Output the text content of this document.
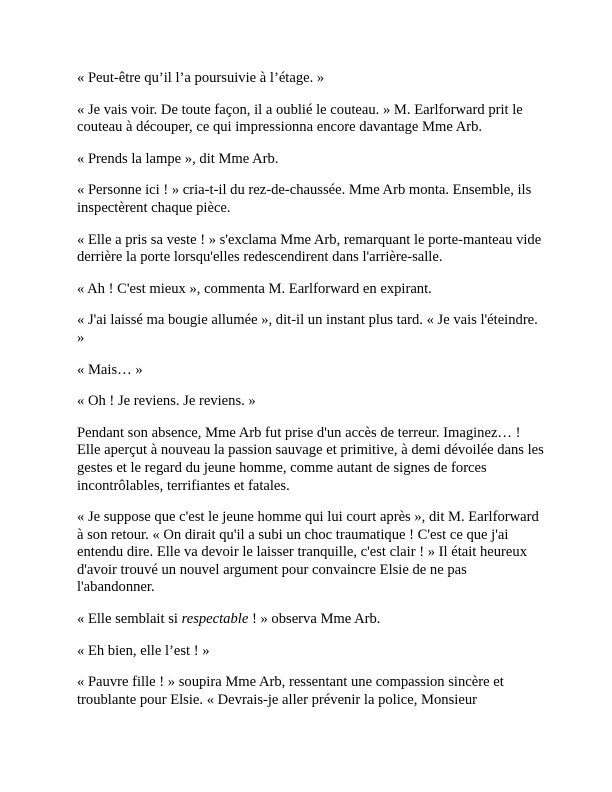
« Peut-être qu’il l’a poursuivie à l’étage. »

« Je vais voir. De toute façon, il a oublié le couteau. » M. Earlforward prit le couteau à découper, ce qui impressionna encore davantage Mme Arb.

« Prends la lampe », dit Mme Arb.

« Personne ici ! » cria-t-il du rez-de-chaussée. Mme Arb monta. Ensemble, ils inspectèrent chaque pièce.

« Elle a pris sa veste ! » s'exclama Mme Arb, remarquant le porte-manteau vide derrière la porte lorsqu'elles redescendirent dans l'arrière-salle.

« Ah ! C'est mieux », commenta M. Earlforward en expirant.

« J'ai laissé ma bougie allumée », dit-il un instant plus tard. « Je vais l'éteindre. »

« Mais… »

« Oh ! Je reviens. Je reviens. »

Pendant son absence, Mme Arb fut prise d'un accès de terreur. Imaginez… ! Elle aperçut à nouveau la passion sauvage et primitive, à demi dévoilée dans les gestes et le regard du jeune homme, comme autant de signes de forces incontrôlables, terrifiantes et fatales.

« Je suppose que c'est le jeune homme qui lui court après », dit M. Earlforward à son retour. « On dirait qu'il a subi un choc traumatique ! C'est ce que j'ai entendu dire. Elle va devoir le laisser tranquille, c'est clair ! » Il était heureux d'avoir trouvé un nouvel argument pour convaincre Elsie de ne pas l'abandonner.

« Elle semblait si respectable ! » observa Mme Arb.

« Eh bien, elle l’est ! »

« Pauvre fille ! » soupira Mme Arb, ressentant une compassion sincère et troublante pour Elsie. « Devrais-je aller prévenir la police, Monsieur
